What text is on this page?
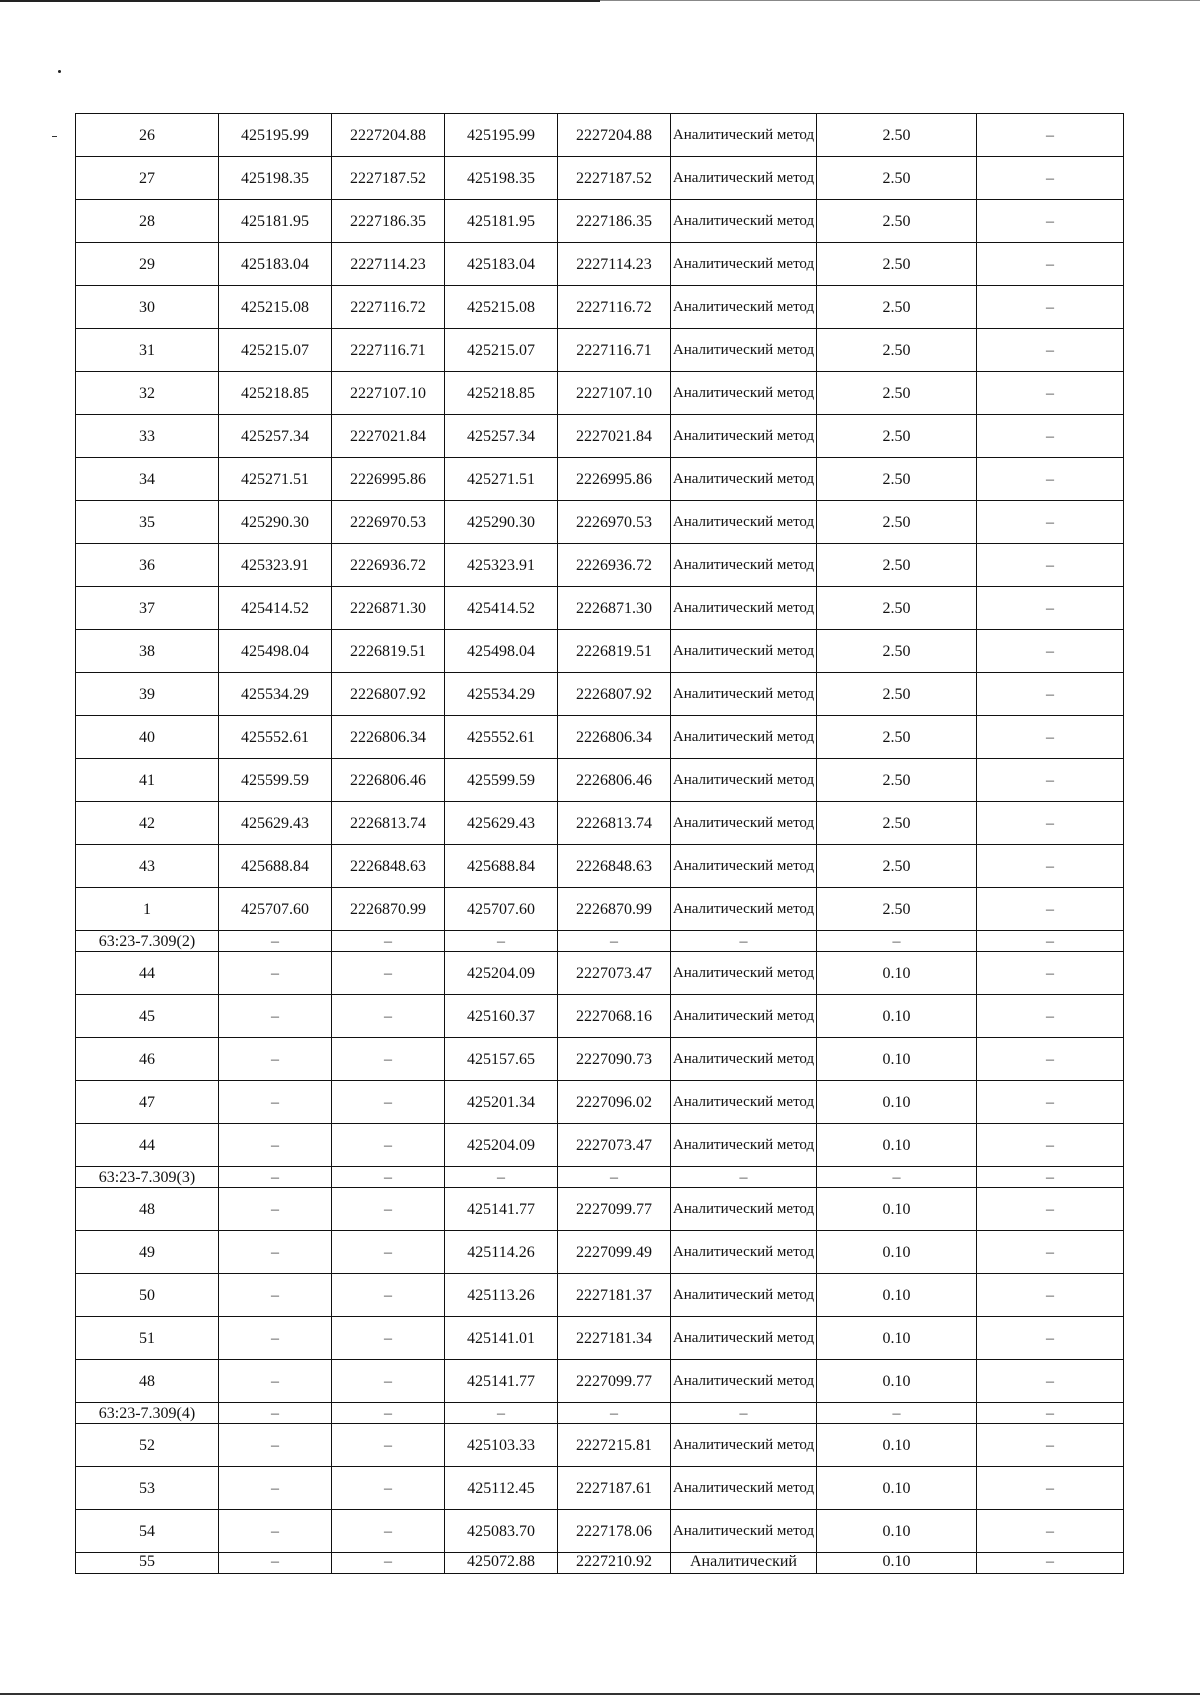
26	425195.99	2227204.88	425195.99	2227204.88	Аналитический метод	2.50	–
27	425198.35	2227187.52	425198.35	2227187.52	Аналитический метод	2.50	–
28	425181.95	2227186.35	425181.95	2227186.35	Аналитический метод	2.50	–
29	425183.04	2227114.23	425183.04	2227114.23	Аналитический метод	2.50	–
30	425215.08	2227116.72	425215.08	2227116.72	Аналитический метод	2.50	–
31	425215.07	2227116.71	425215.07	2227116.71	Аналитический метод	2.50	–
32	425218.85	2227107.10	425218.85	2227107.10	Аналитический метод	2.50	–
33	425257.34	2227021.84	425257.34	2227021.84	Аналитический метод	2.50	–
34	425271.51	2226995.86	425271.51	2226995.86	Аналитический метод	2.50	–
35	425290.30	2226970.53	425290.30	2226970.53	Аналитический метод	2.50	–
36	425323.91	2226936.72	425323.91	2226936.72	Аналитический метод	2.50	–
37	425414.52	2226871.30	425414.52	2226871.30	Аналитический метод	2.50	–
38	425498.04	2226819.51	425498.04	2226819.51	Аналитический метод	2.50	–
39	425534.29	2226807.92	425534.29	2226807.92	Аналитический метод	2.50	–
40	425552.61	2226806.34	425552.61	2226806.34	Аналитический метод	2.50	–
41	425599.59	2226806.46	425599.59	2226806.46	Аналитический метод	2.50	–
42	425629.43	2226813.74	425629.43	2226813.74	Аналитический метод	2.50	–
43	425688.84	2226848.63	425688.84	2226848.63	Аналитический метод	2.50	–
1	425707.60	2226870.99	425707.60	2226870.99	Аналитический метод	2.50	–
63:23-7.309(2)	–	–	–	–	–	–	–
44	–	–	425204.09	2227073.47	Аналитический метод	0.10	–
45	–	–	425160.37	2227068.16	Аналитический метод	0.10	–
46	–	–	425157.65	2227090.73	Аналитический метод	0.10	–
47	–	–	425201.34	2227096.02	Аналитический метод	0.10	–
44	–	–	425204.09	2227073.47	Аналитический метод	0.10	–
63:23-7.309(3)	–	–	–	–	–	–	–
48	–	–	425141.77	2227099.77	Аналитический метод	0.10	–
49	–	–	425114.26	2227099.49	Аналитический метод	0.10	–
50	–	–	425113.26	2227181.37	Аналитический метод	0.10	–
51	–	–	425141.01	2227181.34	Аналитический метод	0.10	–
48	–	–	425141.77	2227099.77	Аналитический метод	0.10	–
63:23-7.309(4)	–	–	–	–	–	–	–
52	–	–	425103.33	2227215.81	Аналитический метод	0.10	–
53	–	–	425112.45	2227187.61	Аналитический метод	0.10	–
54	–	–	425083.70	2227178.06	Аналитический метод	0.10	–
55	–	–	425072.88	2227210.92	Аналитический	0.10	–
